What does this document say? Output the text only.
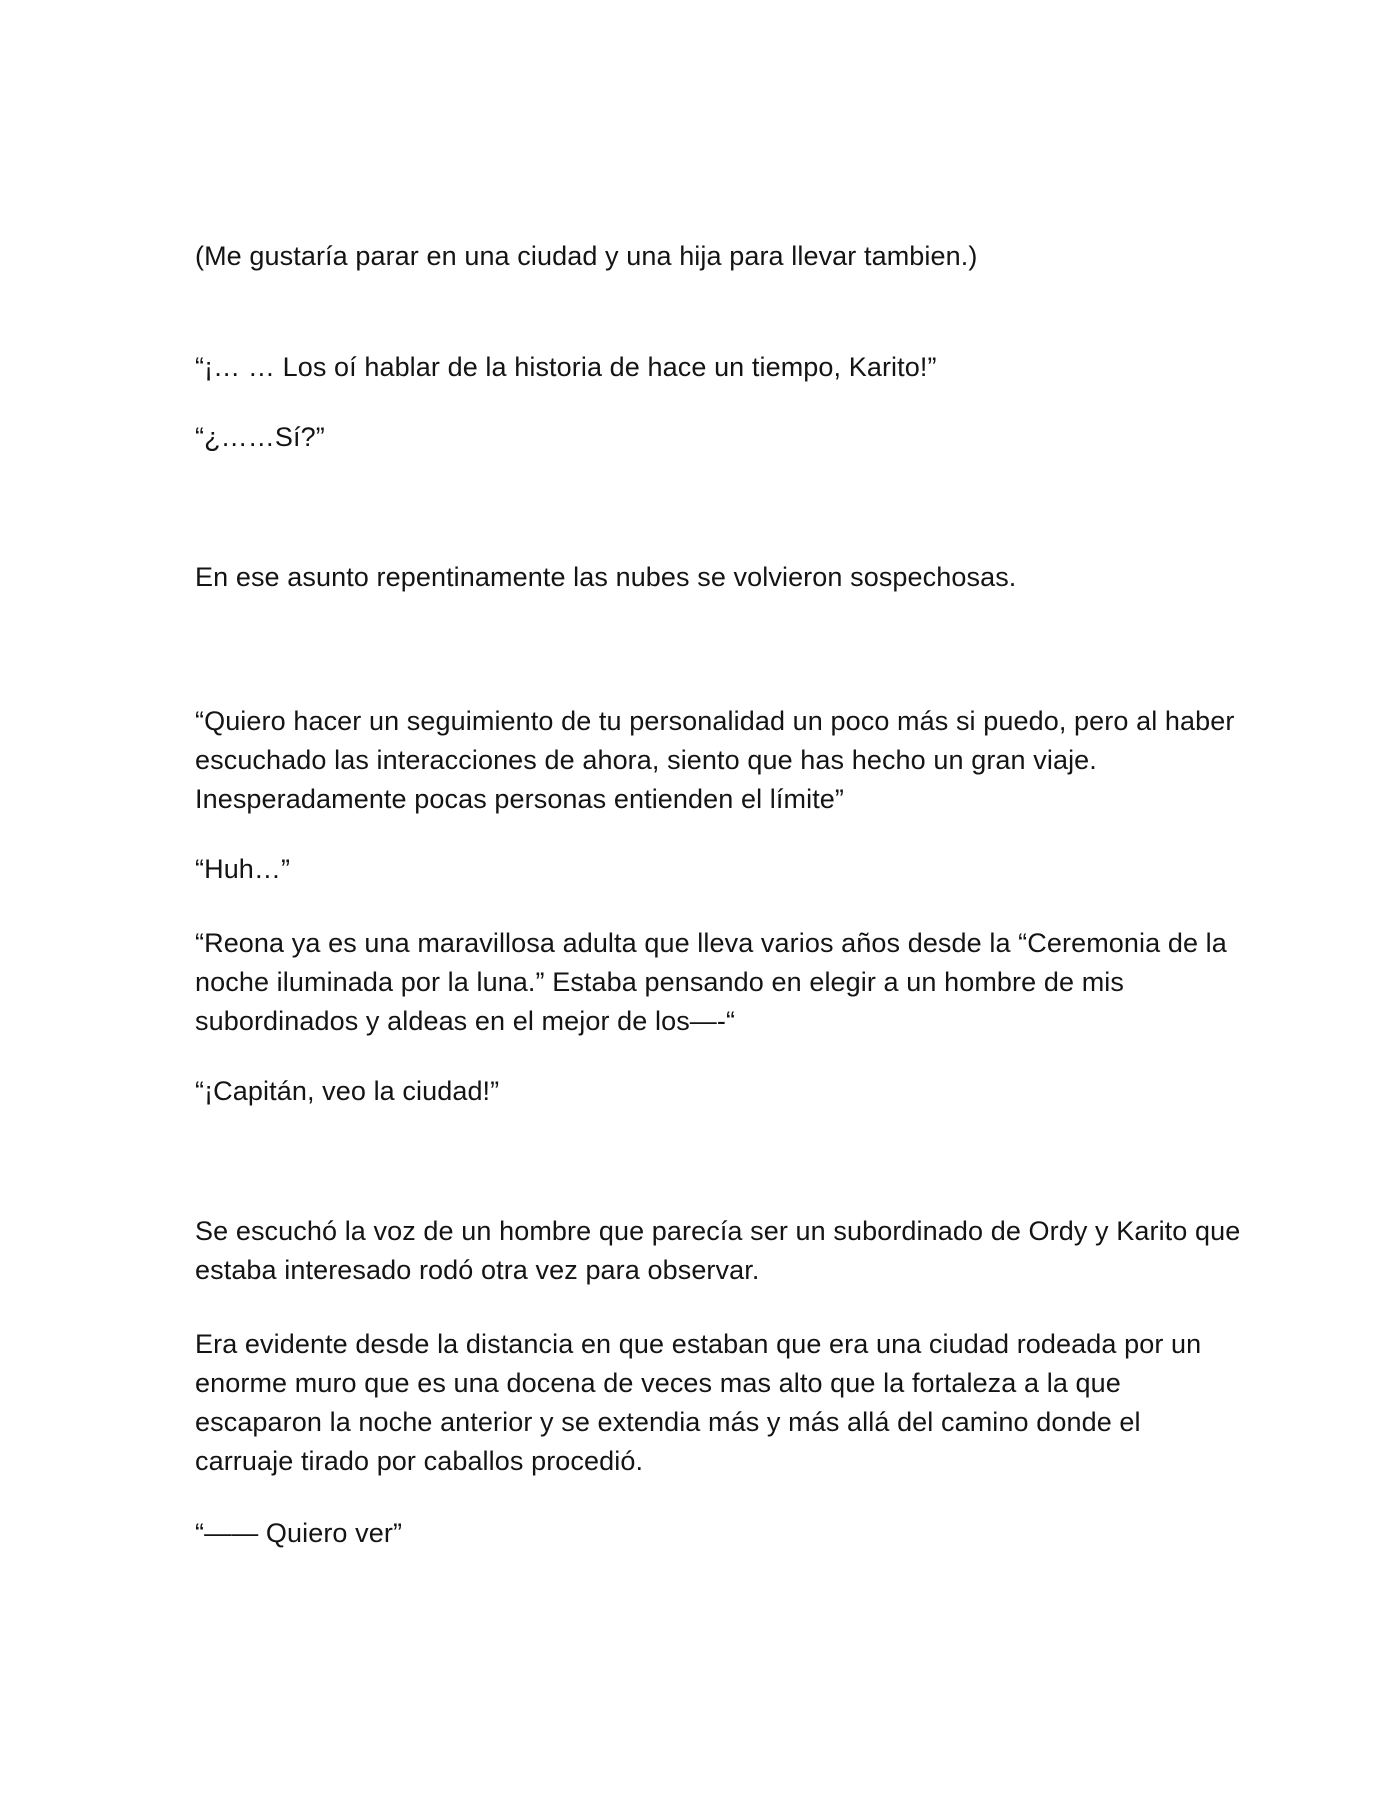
(Me gustaría parar en una ciudad y una hija para llevar tambien.)

“¡… … Los oí hablar de la historia de hace un tiempo, Karito!”

“¿……Sí?”

En ese asunto repentinamente las nubes se volvieron sospechosas.

“Quiero hacer un seguimiento de tu personalidad un poco más si puedo, pero al haber escuchado las interacciones de ahora, siento que has hecho un gran viaje. Inesperadamente pocas personas entienden el límite”

“Huh…”

“Reona ya es una maravillosa adulta que lleva varios años desde la “Ceremonia de la noche iluminada por la luna.” Estaba pensando en elegir a un hombre de mis subordinados y aldeas en el mejor de los—-“

“¡Capitán, veo la ciudad!”

Se escuchó la voz de un hombre que parecía ser un subordinado de Ordy y Karito que estaba interesado rodó otra vez para observar.

Era evidente desde la distancia en que estaban que era una ciudad rodeada por un enorme muro que es una docena de veces mas alto que la fortaleza a la que escaparon la noche anterior y se extendia más y más allá del camino donde el carruaje tirado por caballos procedió.

“—— Quiero ver”
